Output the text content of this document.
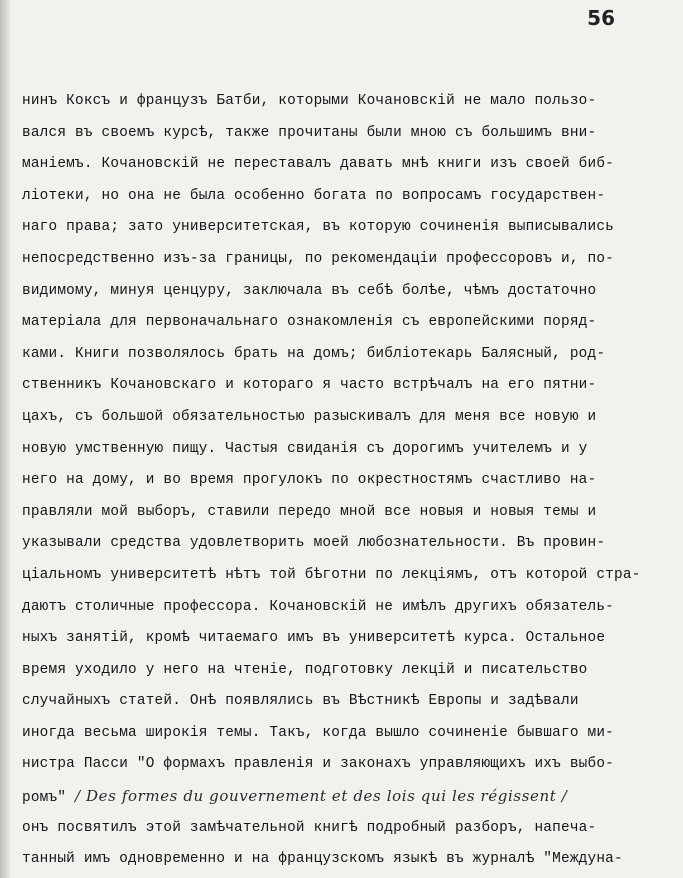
56
нинъ Коксъ и французъ Батби, которыми Кочановскій не мало пользо-
вался въ своемъ курсѣ, также прочитаны были мною съ большимъ вни-
маніемъ. Кочановскій не переставалъ давать мнѣ книги изъ своей биб-
ліотеки, но она не была особенно богата по вопросамъ государствен-
наго права; зато университетская, въ которую сочиненія выписывались
непосредственно изъ-за границы, по рекомендаціи профессоровъ и, по-
видимому, минуя ценцуру, заключала въ себѣ болѣе, чѣмъ достаточно
матеріала для первоначальнаго ознакомленія съ европейскими поряд-
ками. Книги позволялось брать на домъ; библіотекарь Балясный, род-
ственникъ Кочановскаго и котораго я часто встрѣчалъ на его пятни-
цахъ, съ большой обязательностью разыскивалъ для меня все новую и
новую умственную пищу. Частыя свиданія съ дорогимъ учителемъ и у
него на дому, и во время прогулокъ по окрестностямъ счастливо на-
правляли мой выборъ, ставили передо мной все новыя и новыя темы и
указывали средства удовлетворить моей любознательности. Въ провин-
ціальномъ университетѣ нѣтъ той бѣготни по лекціямъ, отъ которой стра-
даютъ столичные профессора. Кочановскій не имѣлъ другихъ обязатель-
ныхъ занятій, кромѣ читаемаго имъ въ университетѣ курса. Остальное
время уходило у него на чтеніе, подготовку лекцій и писательство
случайныхъ статей. Онѣ появлялись въ Вѣстникѣ Европы и задѣвали
иногда весьма широкія темы. Такъ, когда вышло сочиненіе бывшаго ми-
нистра Пасси "О формахъ правленія и законахъ управляющихъ ихъ выбо-
ромъ" / Des formes du gouvernement et des lois qui les régissent /
онъ посвятилъ этой замѣчательной книгѣ подробный разборъ, напеча-
танный имъ одновременно и на французскомъ языкѣ въ журналѣ "Междуна-
